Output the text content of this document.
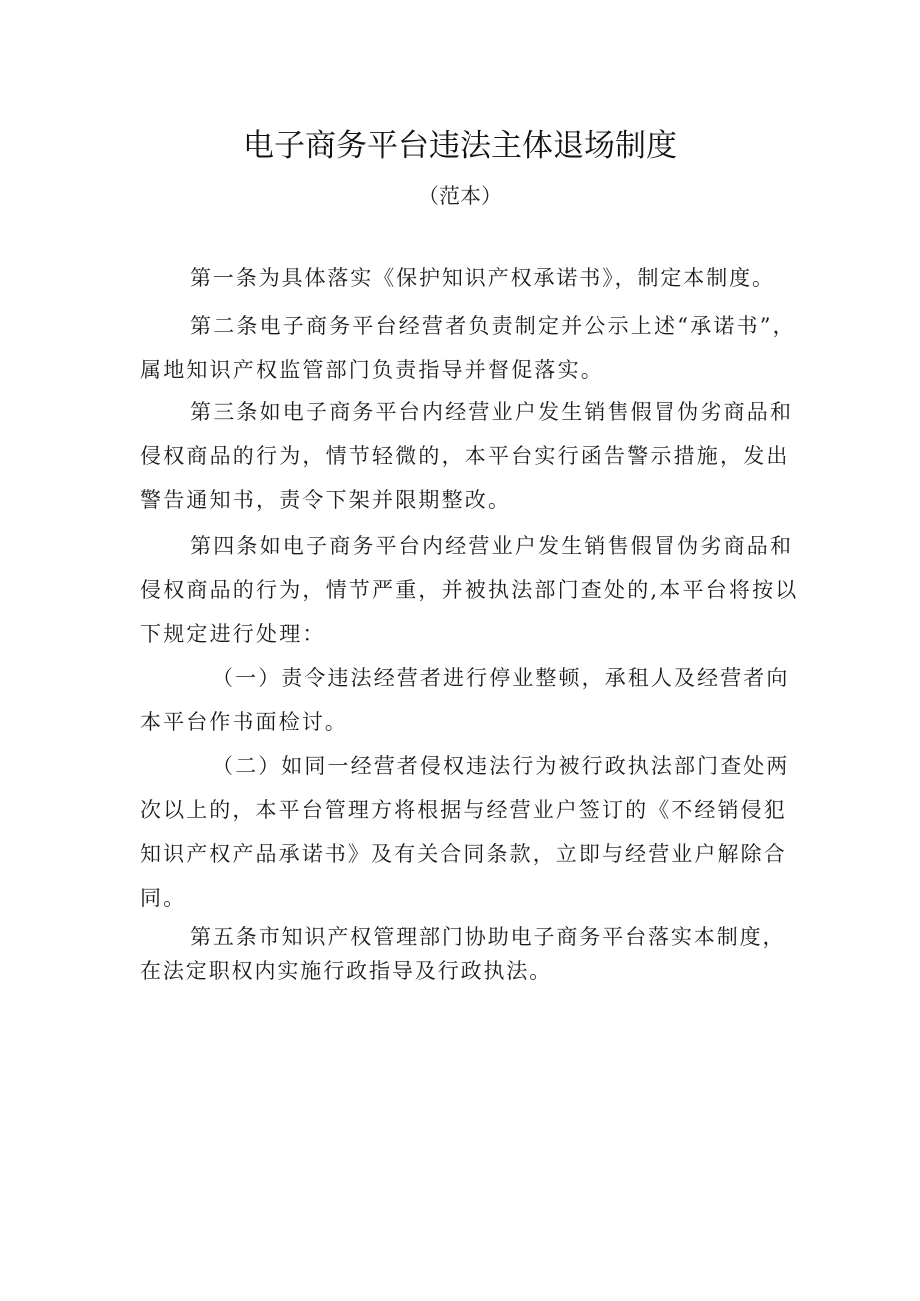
电子商务平台违法主体退场制度
（范本）

第一条为具体落实《保护知识产权承诺书》，制定本制度。

第二条电子商务平台经营者负责制定并公示上述“承诺书”，属地知识产权监管部门负责指导并督促落实。

第三条如电子商务平台内经营业户发生销售假冒伪劣商品和侵权商品的行为，情节轻微的，本平台实行函告警示措施，发出警告通知书，责令下架并限期整改。

第四条如电子商务平台内经营业户发生销售假冒伪劣商品和侵权商品的行为，情节严重，并被执法部门查处的,本平台将按以下规定进行处理：

（一）责令违法经营者进行停业整顿，承租人及经营者向本平台作书面检讨。

（二）如同一经营者侵权违法行为被行政执法部门查处两次以上的，本平台管理方将根据与经营业户签订的《不经销侵犯知识产权产品承诺书》及有关合同条款，立即与经营业户解除合同。

第五条市知识产权管理部门协助电子商务平台落实本制度，在法定职权内实施行政指导及行政执法。
